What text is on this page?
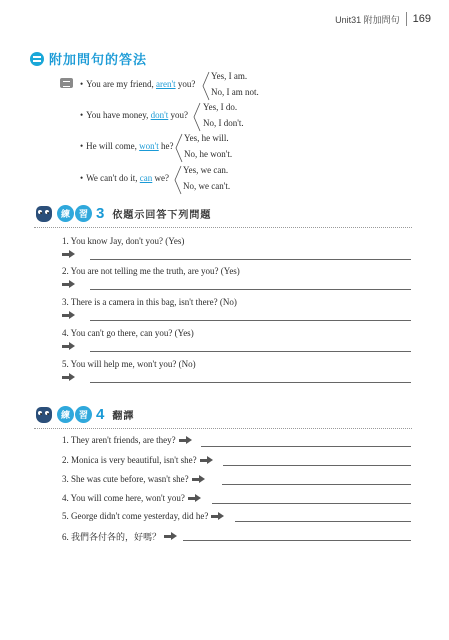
Unit31 附加問句 169
附加問句的答法
• You are my friend, aren't you?
Yes, I am.
No, I am not.
• You have money, don't you?
Yes, I do.
No, I don't.
• He will come, won't he?
Yes, he will.
No, he won't.
• We can't do it, can we?
Yes, we can.
No, we can't.
練 習 3 依題示回答下列問題
1. You know Jay, don't you? (Yes)
2. You are not telling me the truth, are you? (Yes)
3. There is a camera in this bag, isn't there? (No)
4. You can't go there, can you? (Yes)
5. You will help me, won't you? (No)
練 習 4 翻譯
1. They aren't friends, are they?
2. Monica is very beautiful, isn't she?
3. She was cute before, wasn't she?
4. You will come here, won't you?
5. George didn't come yesterday, did he?
6. 我們各付各的，好嗎？
